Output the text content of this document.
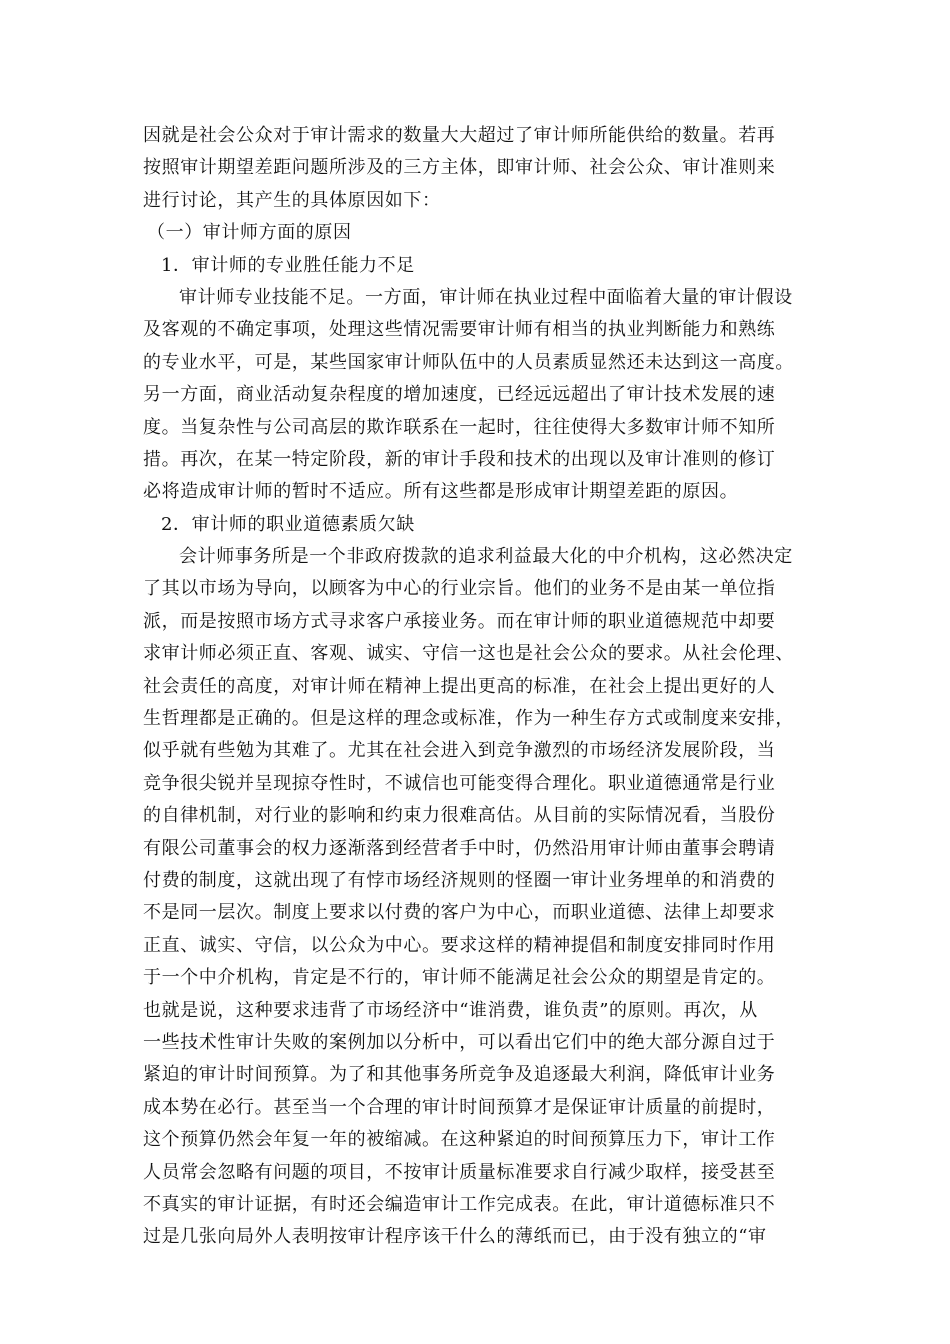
因就是社会公众对于审计需求的数量大大超过了审计师所能供给的数量。若再
按照审计期望差距问题所涉及的三方主体，即审计师、社会公众、审计准则来
进行讨论，其产生的具体原因如下：
（一）审计师方面的原因
1．审计师的专业胜任能力不足
审计师专业技能不足。一方面，审计师在执业过程中面临着大量的审计假设
及客观的不确定事项，处理这些情况需要审计师有相当的执业判断能力和熟练
的专业水平，可是，某些国家审计师队伍中的人员素质显然还未达到这一高度。
另一方面，商业活动复杂程度的增加速度，已经远远超出了审计技术发展的速
度。当复杂性与公司高层的欺诈联系在一起时，往往使得大多数审计师不知所
措。再次，在某一特定阶段，新的审计手段和技术的出现以及审计准则的修订
必将造成审计师的暂时不适应。所有这些都是形成审计期望差距的原因。
2．审计师的职业道德素质欠缺
会计师事务所是一个非政府拨款的追求利益最大化的中介机构，这必然决定
了其以市场为导向，以顾客为中心的行业宗旨。他们的业务不是由某一单位指
派，而是按照市场方式寻求客户承接业务。而在审计师的职业道德规范中却要
求审计师必须正直、客观、诚实、守信一这也是社会公众的要求。从社会伦理、
社会责任的高度，对审计师在精神上提出更高的标准，在社会上提出更好的人
生哲理都是正确的。但是这样的理念或标准，作为一种生存方式或制度来安排，
似乎就有些勉为其难了。尤其在社会进入到竞争激烈的市场经济发展阶段，当
竞争很尖锐并呈现掠夺性时，不诚信也可能变得合理化。职业道德通常是行业
的自律机制，对行业的影响和约束力很难高估。从目前的实际情况看，当股份
有限公司董事会的权力逐渐落到经营者手中时，仍然沿用审计师由董事会聘请
付费的制度，这就出现了有悖市场经济规则的怪圈一审计业务埋单的和消费的
不是同一层次。制度上要求以付费的客户为中心，而职业道德、法律上却要求
正直、诚实、守信，以公众为中心。要求这样的精神提倡和制度安排同时作用
于一个中介机构，肯定是不行的，审计师不能满足社会公众的期望是肯定的。
也就是说，这种要求违背了市场经济中“谁消费，谁负责”的原则。再次，从
一些技术性审计失败的案例加以分析中，可以看出它们中的绝大部分源自过于
紧迫的审计时间预算。为了和其他事务所竞争及追逐最大利润，降低审计业务
成本势在必行。甚至当一个合理的审计时间预算才是保证审计质量的前提时，
这个预算仍然会年复一年的被缩减。在这种紧迫的时间预算压力下，审计工作
人员常会忽略有问题的项目，不按审计质量标准要求自行减少取样，接受甚至
不真实的审计证据，有时还会编造审计工作完成表。在此，审计道德标准只不
过是几张向局外人表明按审计程序该干什么的薄纸而已，由于没有独立的“审
